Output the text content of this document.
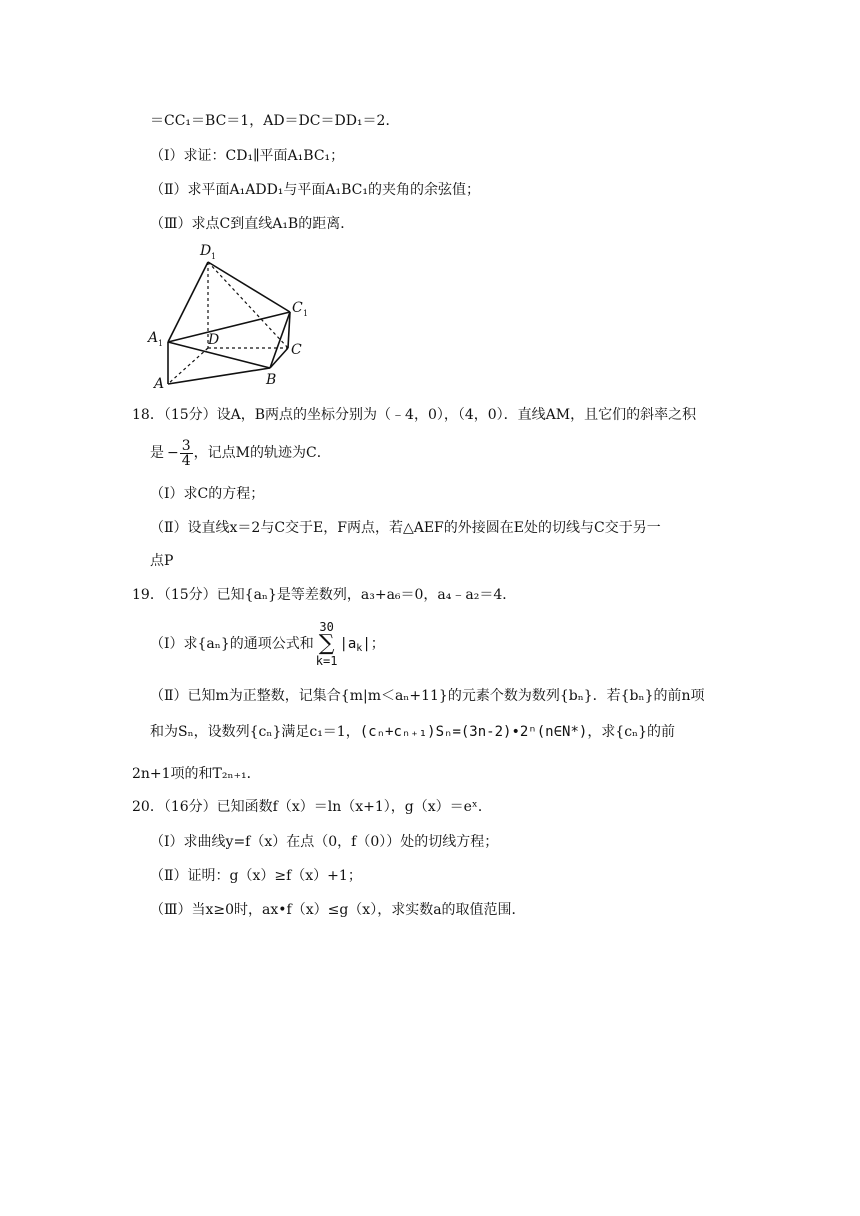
＝CC₁＝BC＝1，AD＝DC＝DD₁＝2．
（Ⅰ）求证：CD₁∥平面A₁BC₁；
（Ⅱ）求平面A₁ADD₁与平面A₁BC₁的夹角的余弦值；
（Ⅲ）求点C到直线A₁B的距离．
D 1
C 1
A 1	D
C
A	B
18．（15分）设A，B两点的坐标分别为（﹣4，0），（4，0）．直线AM，且它们的斜率之积
是 − $\frac{3}{4}$ ，记点M的轨迹为C．
（Ⅰ）求C的方程；
（Ⅱ）设直线x＝2与C交于E，F两点，若△AEF的外接圆在E处的切线与C交于另一
点P
19．（15分）已知{aₙ}是等差数列，a₃+a₆＝0，a₄﹣a₂＝4．
（Ⅰ）求{aₙ}的通项公式和
30
∑
k=1
$|a_k|$；
（Ⅱ）已知m为正整数，记集合{m|m＜aₙ+11}的元素个数为数列{bₙ}．若{bₙ}的前n项
和为Sₙ，设数列{cₙ}满足c₁＝1，(cₙ+cₙ₊₁)Sₙ=(3n-2)•2ⁿ(n∈N*)，求{cₙ}的前
2n+1项的和T₂ₙ₊₁．
20．（16分）已知函数f（x）＝ln（x+1），g（x）＝eˣ．
（Ⅰ）求曲线y=f（x）在点（0，f（0））处的切线方程；
（Ⅱ）证明：g（x）≥f（x）+1；
（Ⅲ）当x≥0时，ax•f（x）≤g（x），求实数a的取值范围．
